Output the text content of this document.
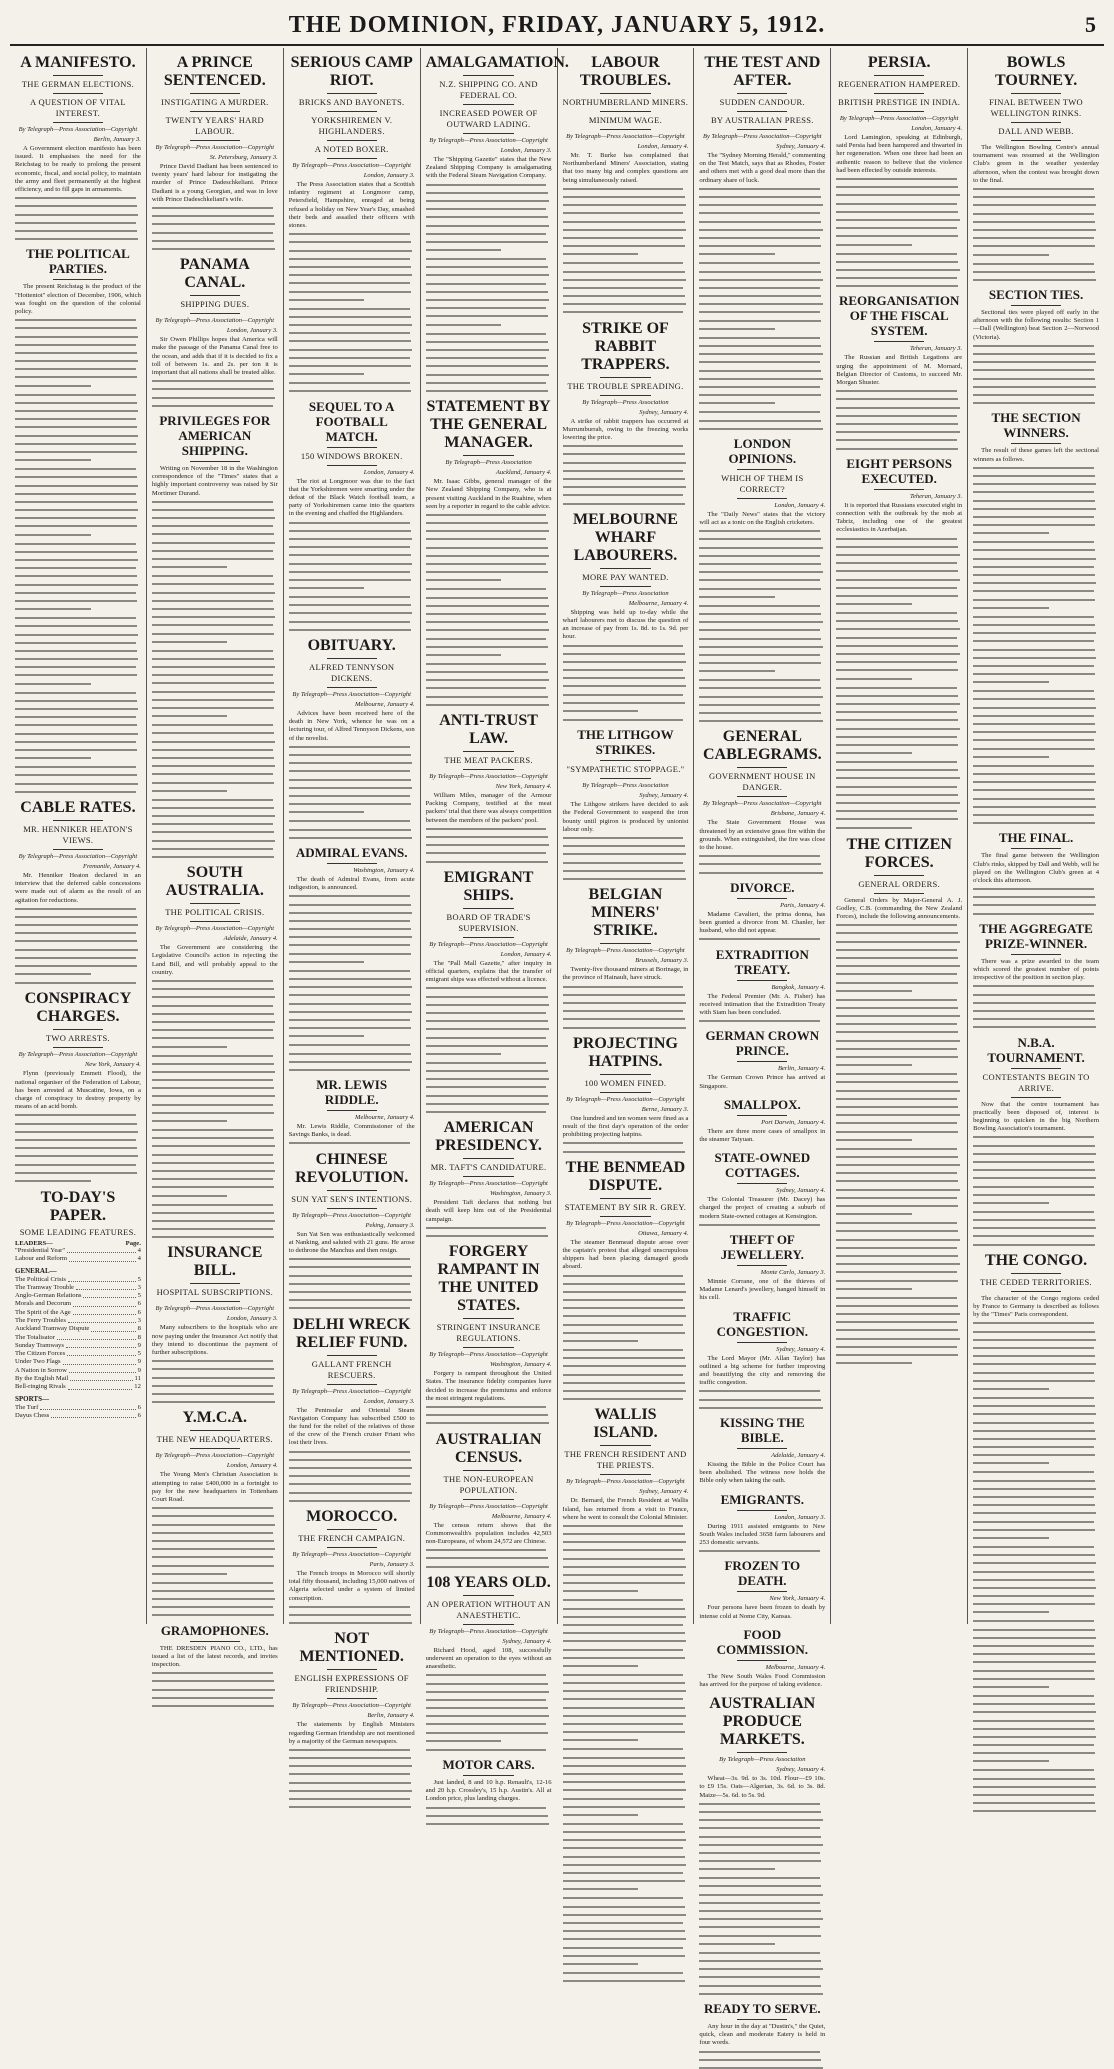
THE DOMINION, FRIDAY, JANUARY 5, 1912.	5
A MANIFESTO.
THE GERMAN ELECTIONS.
A QUESTION OF VITAL INTEREST.
By Telegraph—Press Association—Copyright
Berlin, January 3.

A Government election manifesto has been issued. It emphasises the need for the Reichstag to be ready to prolong the present economic, fiscal, and social policy, to maintain the army and fleet permanently at the highest efficiency, and to fill gaps in armaments.

THE POLITICAL PARTIES.

The present Reichstag is the product of the "Hottentot" election of December, 1906, which was fought on the question of the colonial policy.

CABLE RATES.
MR. HENNIKER HEATON'S VIEWS.
By Telegraph—Press Association—Copyright
Fremantle, January 4.

Mr. Henniker Heaton declared in an interview that the deferred cable concessions were made out of alarm as the result of an agitation for reductions.

CONSPIRACY CHARGES.
TWO ARRESTS.
By Telegraph—Press Association—Copyright
New York, January 4.

Flynn (previously Emmett Flood), the national organiser of the Federation of Labour, has been arrested at Muscatine, Iowa, on a charge of conspiracy to destroy property by means of an acid bomb.

TO-DAY'S PAPER.
SOME LEADING FEATURES.
LEADERS—	Page.
"Presidential Year"	4
Labour and Reform	4
GENERAL—
The Political Crisis	5
The Tramway Trouble	3
Anglo-German Relations	5
Morals and Decorum	6
The Spirit of the Age	6
The Ferry Troubles	3
Auckland Tramway Dispute	8
The Totalisator	8
Sunday Tramways	9
The Citizen Forces	5
Under Two Flags	9
A Nation in Sorrow	9
By the English Mail	11
Bell-ringing Rivals	12
SPORTS—
The Turf	6
Dayus Chess	6
A PRINCE SENTENCED.
INSTIGATING A MURDER.
TWENTY YEARS' HARD LABOUR.
By Telegraph—Press Association—Copyright
St. Petersburg, January 3.

Prince David Dadiani has been sentenced to twenty years' hard labour for instigating the murder of Prince Dadeschkeliani. Prince Dadiani is a young Georgian, and was in love with Prince Dadeschkeliani's wife.

PANAMA CANAL.
SHIPPING DUES.
By Telegraph—Press Association—Copyright
London, January 3.

Sir Owen Phillips hopes that America will make the passage of the Panama Canal free to the ocean, and adds that if it is decided to fix a toll of between 1s. and 2s. per ton it is important that all nations shall be treated alike.

PRIVILEGES FOR AMERICAN SHIPPING.

Writing on November 18 in the Washington correspondence of the "Times" states that a highly important controversy was raised by Sir Mortimer Durand.

SOUTH AUSTRALIA.
THE POLITICAL CRISIS.
By Telegraph—Press Association—Copyright
Adelaide, January 4.

The Government are considering the Legislative Council's action in rejecting the Land Bill, and will probably appeal to the country.

INSURANCE BILL.
HOSPITAL SUBSCRIPTIONS.
By Telegraph—Press Association—Copyright
London, January 3.

Many subscribers to the hospitals who are now paying under the Insurance Act notify that they intend to discontinue the payment of further subscriptions.

Y.M.C.A.
THE NEW HEADQUARTERS.
By Telegraph—Press Association—Copyright
London, January 4.

The Young Men's Christian Association is attempting to raise £400,000 in a fortnight to pay for the new headquarters in Tottenham Court Road.

GRAMOPHONES.

THE DRESDEN PIANO CO., LTD., has issued a list of the latest records, and invites inspection.

SERIOUS CAMP RIOT.
BRICKS AND BAYONETS.
YORKSHIREMEN V. HIGHLANDERS.
A NOTED BOXER.
By Telegraph—Press Association—Copyright
London, January 3.

The Press Association states that a Scottish infantry regiment at Longmoor camp, Petersfield, Hampshire, enraged at being refused a holiday on New Year's Day, smashed their beds and assailed their officers with stones.

SEQUEL TO A FOOTBALL MATCH.
150 WINDOWS BROKEN.
London, January 4.

The riot at Longmoor was due to the fact that the Yorkshiremen were smarting under the defeat of the Black Watch football team, a party of Yorkshiremen came into the quarters in the evening and chaffed the Highlanders.

OBITUARY.
ALFRED TENNYSON DICKENS.
By Telegraph—Press Association—Copyright
Melbourne, January 4.

Advices have been received here of the death in New York, whence he was on a lecturing tour, of Alfred Tennyson Dickens, son of the novelist.

ADMIRAL EVANS.
Washington, January 4.

The death of Admiral Evans, from acute indigestion, is announced.

MR. LEWIS RIDDLE.
Melbourne, January 4.

Mr. Lewis Riddle, Commissioner of the Savings Banks, is dead.

CHINESE REVOLUTION.
SUN YAT SEN'S INTENTIONS.
By Telegraph—Press Association—Copyright
Peking, January 3.

Sun Yat Sen was enthusiastically welcomed at Nanking, and saluted with 21 guns. He arose to dethrone the Manchus and then resign.

DELHI WRECK RELIEF FUND.
GALLANT FRENCH RESCUERS.
By Telegraph—Press Association—Copyright
London, January 3.

The Peninsular and Oriental Steam Navigation Company has subscribed £500 to the fund for the relief of the relatives of those of the crew of the French cruiser Friant who lost their lives.

MOROCCO.
THE FRENCH CAMPAIGN.
By Telegraph—Press Association—Copyright
Paris, January 3.

The French troops in Morocco will shortly total fifty thousand, including 15,000 natives of Algeria selected under a system of limited conscription.

NOT MENTIONED.
ENGLISH EXPRESSIONS OF FRIENDSHIP.
By Telegraph—Press Association—Copyright
Berlin, January 4.

The statements by English Ministers regarding German friendship are not mentioned by a majority of the German newspapers.

AMALGAMATION.
N.Z. SHIPPING CO. AND FEDERAL CO.
INCREASED POWER OF OUTWARD LADING.
By Telegraph—Press Association—Copyright
London, January 3.

The "Shipping Gazette" states that the New Zealand Shipping Company is amalgamating with the Federal Steam Navigation Company.

STATEMENT BY THE GENERAL MANAGER.
By Telegraph—Press Association
Auckland, January 4.

Mr. Isaac Gibbs, general manager of the New Zealand Shipping Company, who is at present visiting Auckland in the Ruahine, when seen by a reporter in regard to the cable advice.

ANTI-TRUST LAW.
THE MEAT PACKERS.
By Telegraph—Press Association—Copyright
New York, January 4.

William Miles, manager of the Armour Packing Company, testified at the meat packers' trial that there was always competition between the members of the packers' pool.

EMIGRANT SHIPS.
BOARD OF TRADE'S SUPERVISION.
By Telegraph—Press Association—Copyright
London, January 4.

The "Pall Mall Gazette," after inquiry in official quarters, explains that the transfer of emigrant ships was effected without a licence.

AMERICAN PRESIDENCY.
MR. TAFT'S CANDIDATURE.
By Telegraph—Press Association—Copyright
Washington, January 3.

President Taft declares that nothing but death will keep him out of the Presidential campaign.

FORGERY RAMPANT IN THE UNITED STATES.
STRINGENT INSURANCE REGULATIONS.
By Telegraph—Press Association—Copyright
Washington, January 4.

Forgery is rampant throughout the United States. The insurance fidelity companies have decided to increase the premiums and enforce the most stringent regulations.

AUSTRALIAN CENSUS.
THE NON-EUROPEAN POPULATION.
By Telegraph—Press Association—Copyright
Melbourne, January 4.

The census return shows that the Commonwealth's population includes 42,503 non-Europeans, of whom 24,572 are Chinese.

108 YEARS OLD.
AN OPERATION WITHOUT AN ANAESTHETIC.
By Telegraph—Press Association—Copyright
Sydney, January 4.

Richard Hood, aged 108, successfully underwent an operation to the eyes without an anaesthetic.

MOTOR CARS.

Just landed, 8 and 10 h.p. Renault's, 12-16 and 20 h.p. Crossley's, 15 h.p. Austin's. All at London price, plus landing charges.

LABOUR TROUBLES.
NORTHUMBERLAND MINERS.
MINIMUM WAGE.
By Telegraph—Press Association—Copyright
London, January 4.

Mr. T. Burke has complained that Northumberland Miners' Association, stating that too many big and complex questions are being simultaneously raised.

STRIKE OF RABBIT TRAPPERS.
THE TROUBLE SPREADING.
By Telegraph—Press Association
Sydney, January 4.

A strike of rabbit trappers has occurred at Murrumburrah, owing to the freezing works lowering the price.

MELBOURNE WHARF LABOURERS.
MORE PAY WANTED.
By Telegraph—Press Association
Melbourne, January 4.

Shipping was held up to-day while the wharf labourers met to discuss the question of an increase of pay from 1s. 8d. to 1s. 9d. per hour.

THE LITHGOW STRIKES.
"SYMPATHETIC STOPPAGE."
By Telegraph—Press Association
Sydney, January 4.

The Lithgow strikers have decided to ask the Federal Government to suspend the iron bounty until pigiron is produced by unionist labour only.

BELGIAN MINERS' STRIKE.
By Telegraph—Press Association—Copyright
Brussels, January 3.

Twenty-five thousand miners at Borinage, in the province of Hainault, have struck.

PROJECTING HATPINS.
100 WOMEN FINED.
By Telegraph—Press Association—Copyright
Berne, January 3.

One hundred and ten women were fined as a result of the first day's operation of the order prohibiting projecting hatpins.

THE BENMEAD DISPUTE.
STATEMENT BY SIR R. GREY.
By Telegraph—Press Association—Copyright
Ottawa, January 4.

The steamer Benmead dispute arose over the captain's protest that alleged unscrupulous shippers had been placing damaged goods aboard.

WALLIS ISLAND.
THE FRENCH RESIDENT AND THE PRIESTS.
By Telegraph—Press Association—Copyright
Sydney, January 4.

Dr. Bernard, the French Resident at Wallis Island, has returned from a visit to France, where he went to consult the Colonial Minister.

THE TEST AND AFTER.
SUDDEN CANDOUR.
BY AUSTRALIAN PRESS.
By Telegraph—Press Association—Copyright
Sydney, January 4.

The "Sydney Morning Herald," commenting on the Test Match, says that as Rhodes, Foster and others met with a good deal more than the ordinary share of luck.

LONDON OPINIONS.
WHICH OF THEM IS CORRECT?
London, January 4.

The "Daily News" states that the victory will act as a tonic on the English cricketers.

GENERAL CABLEGRAMS.
GOVERNMENT HOUSE IN DANGER.
By Telegraph—Press Association—Copyright
Brisbane, January 4.

The State Government House was threatened by an extensive grass fire within the grounds. When extinguished, the fire was close to the house.

DIVORCE.
Paris, January 4.

Madame Cavalieri, the prima donna, has been granted a divorce from M. Chanler, her husband, who did not appear.

EXTRADITION TREATY.
Bangkok, January 4.

The Federal Premier (Mr. A. Fisher) has received intimation that the Extradition Treaty with Siam has been concluded.

GERMAN CROWN PRINCE.
Berlin, January 4.

The German Crown Prince has arrived at Singapore.

SMALLPOX.
Port Darwin, January 4.

There are three more cases of smallpox in the steamer Taiyuan.

STATE-OWNED COTTAGES.
Sydney, January 4.

The Colonial Treasurer (Mr. Dacey) has charged the project of creating a suburb of modern State-owned cottages at Kensington.

THEFT OF JEWELLERY.
Monte Carlo, January 3.

Minnie Corrane, one of the thieves of Madame Lenard's jewellery, hanged himself in his cell.

TRAFFIC CONGESTION.
Sydney, January 4.

The Lord Mayor (Mr. Allan Taylor) has outlined a big scheme for further improving and beautifying the city and removing the traffic congestion.

KISSING THE BIBLE.
Adelaide, January 4.

Kissing the Bible in the Police Court has been abolished. The witness now holds the Bible only when taking the oath.

EMIGRANTS.
London, January 3.

During 1911 assisted emigrants to New South Wales included 3658 farm labourers and 253 domestic servants.

FROZEN TO DEATH.
New York, January 4.

Four persons have been frozen to death by intense cold at Nome City, Kansas.

FOOD COMMISSION.
Melbourne, January 4.

The New South Wales Food Commission has arrived for the purpose of taking evidence.

AUSTRALIAN PRODUCE MARKETS.
By Telegraph—Press Association
Sydney, January 4.

Wheat—3s. 9d. to 3s. 10d. Flour—£9 10s. to £9 15s. Oats—Algerian, 3s. 6d. to 3s. 8d. Maize—5s. 6d. to 5s. 9d.

READY TO SERVE.

Any hour in the day at "Dustin's," the Quiet, quick, clean and moderate Eatery is held in four words.

PERSIA.
REGENERATION HAMPERED.
BRITISH PRESTIGE IN INDIA.
By Telegraph—Press Association—Copyright
London, January 4.

Lord Lamington, speaking at Edinburgh, said Persia had been hampered and thwarted in her regeneration. When one three had been an authentic reason to believe that the violence had been effected by outside interests.

REORGANISATION OF THE FISCAL SYSTEM.
Teheran, January 3.

The Russian and British Legations are urging the appointment of M. Mornard, Belgian Director of Customs, to succeed Mr. Morgan Shuster.

EIGHT PERSONS EXECUTED.
Teheran, January 3.

It is reported that Russians executed eight in connection with the outbreak by the mob at Tabriz, including one of the greatest ecclesiastics in Azerbaijan.

THE CITIZEN FORCES.
GENERAL ORDERS.

General Orders by Major-General A. J. Godley, C.B. (commanding the New Zealand Forces), include the following announcements.

BOWLS TOURNEY.
FINAL BETWEEN TWO WELLINGTON RINKS.
DALL AND WEBB.

The Wellington Bowling Centre's annual tournament was resumed at the Wellington Club's green in the weather yesterday afternoon, when the contest was brought down to the final.

SECTION TIES.

Sectional ties were played off early in the afternoon with the following results: Section 1—Dall (Wellington) beat Section 2—Norwood (Victoria).

THE SECTION WINNERS.

The result of these games left the sectional winners as follows.

THE FINAL.

The final game between the Wellington Club's rinks, skipped by Dall and Webb, will be played on the Wellington Club's green at 4 o'clock this afternoon.

THE AGGREGATE PRIZE-WINNER.

There was a prize awarded to the team which scored the greatest number of points irrespective of the position in section play.

N.B.A. TOURNAMENT.
CONTESTANTS BEGIN TO ARRIVE.

Now that the centre tournament has practically been disposed of, interest is beginning to quicken in the big Northern Bowling Association's tournament.

THE CONGO.
THE CEDED TERRITORIES.

The character of the Congo regions ceded by France to Germany is described as follows by the "Times" Paris correspondent.
